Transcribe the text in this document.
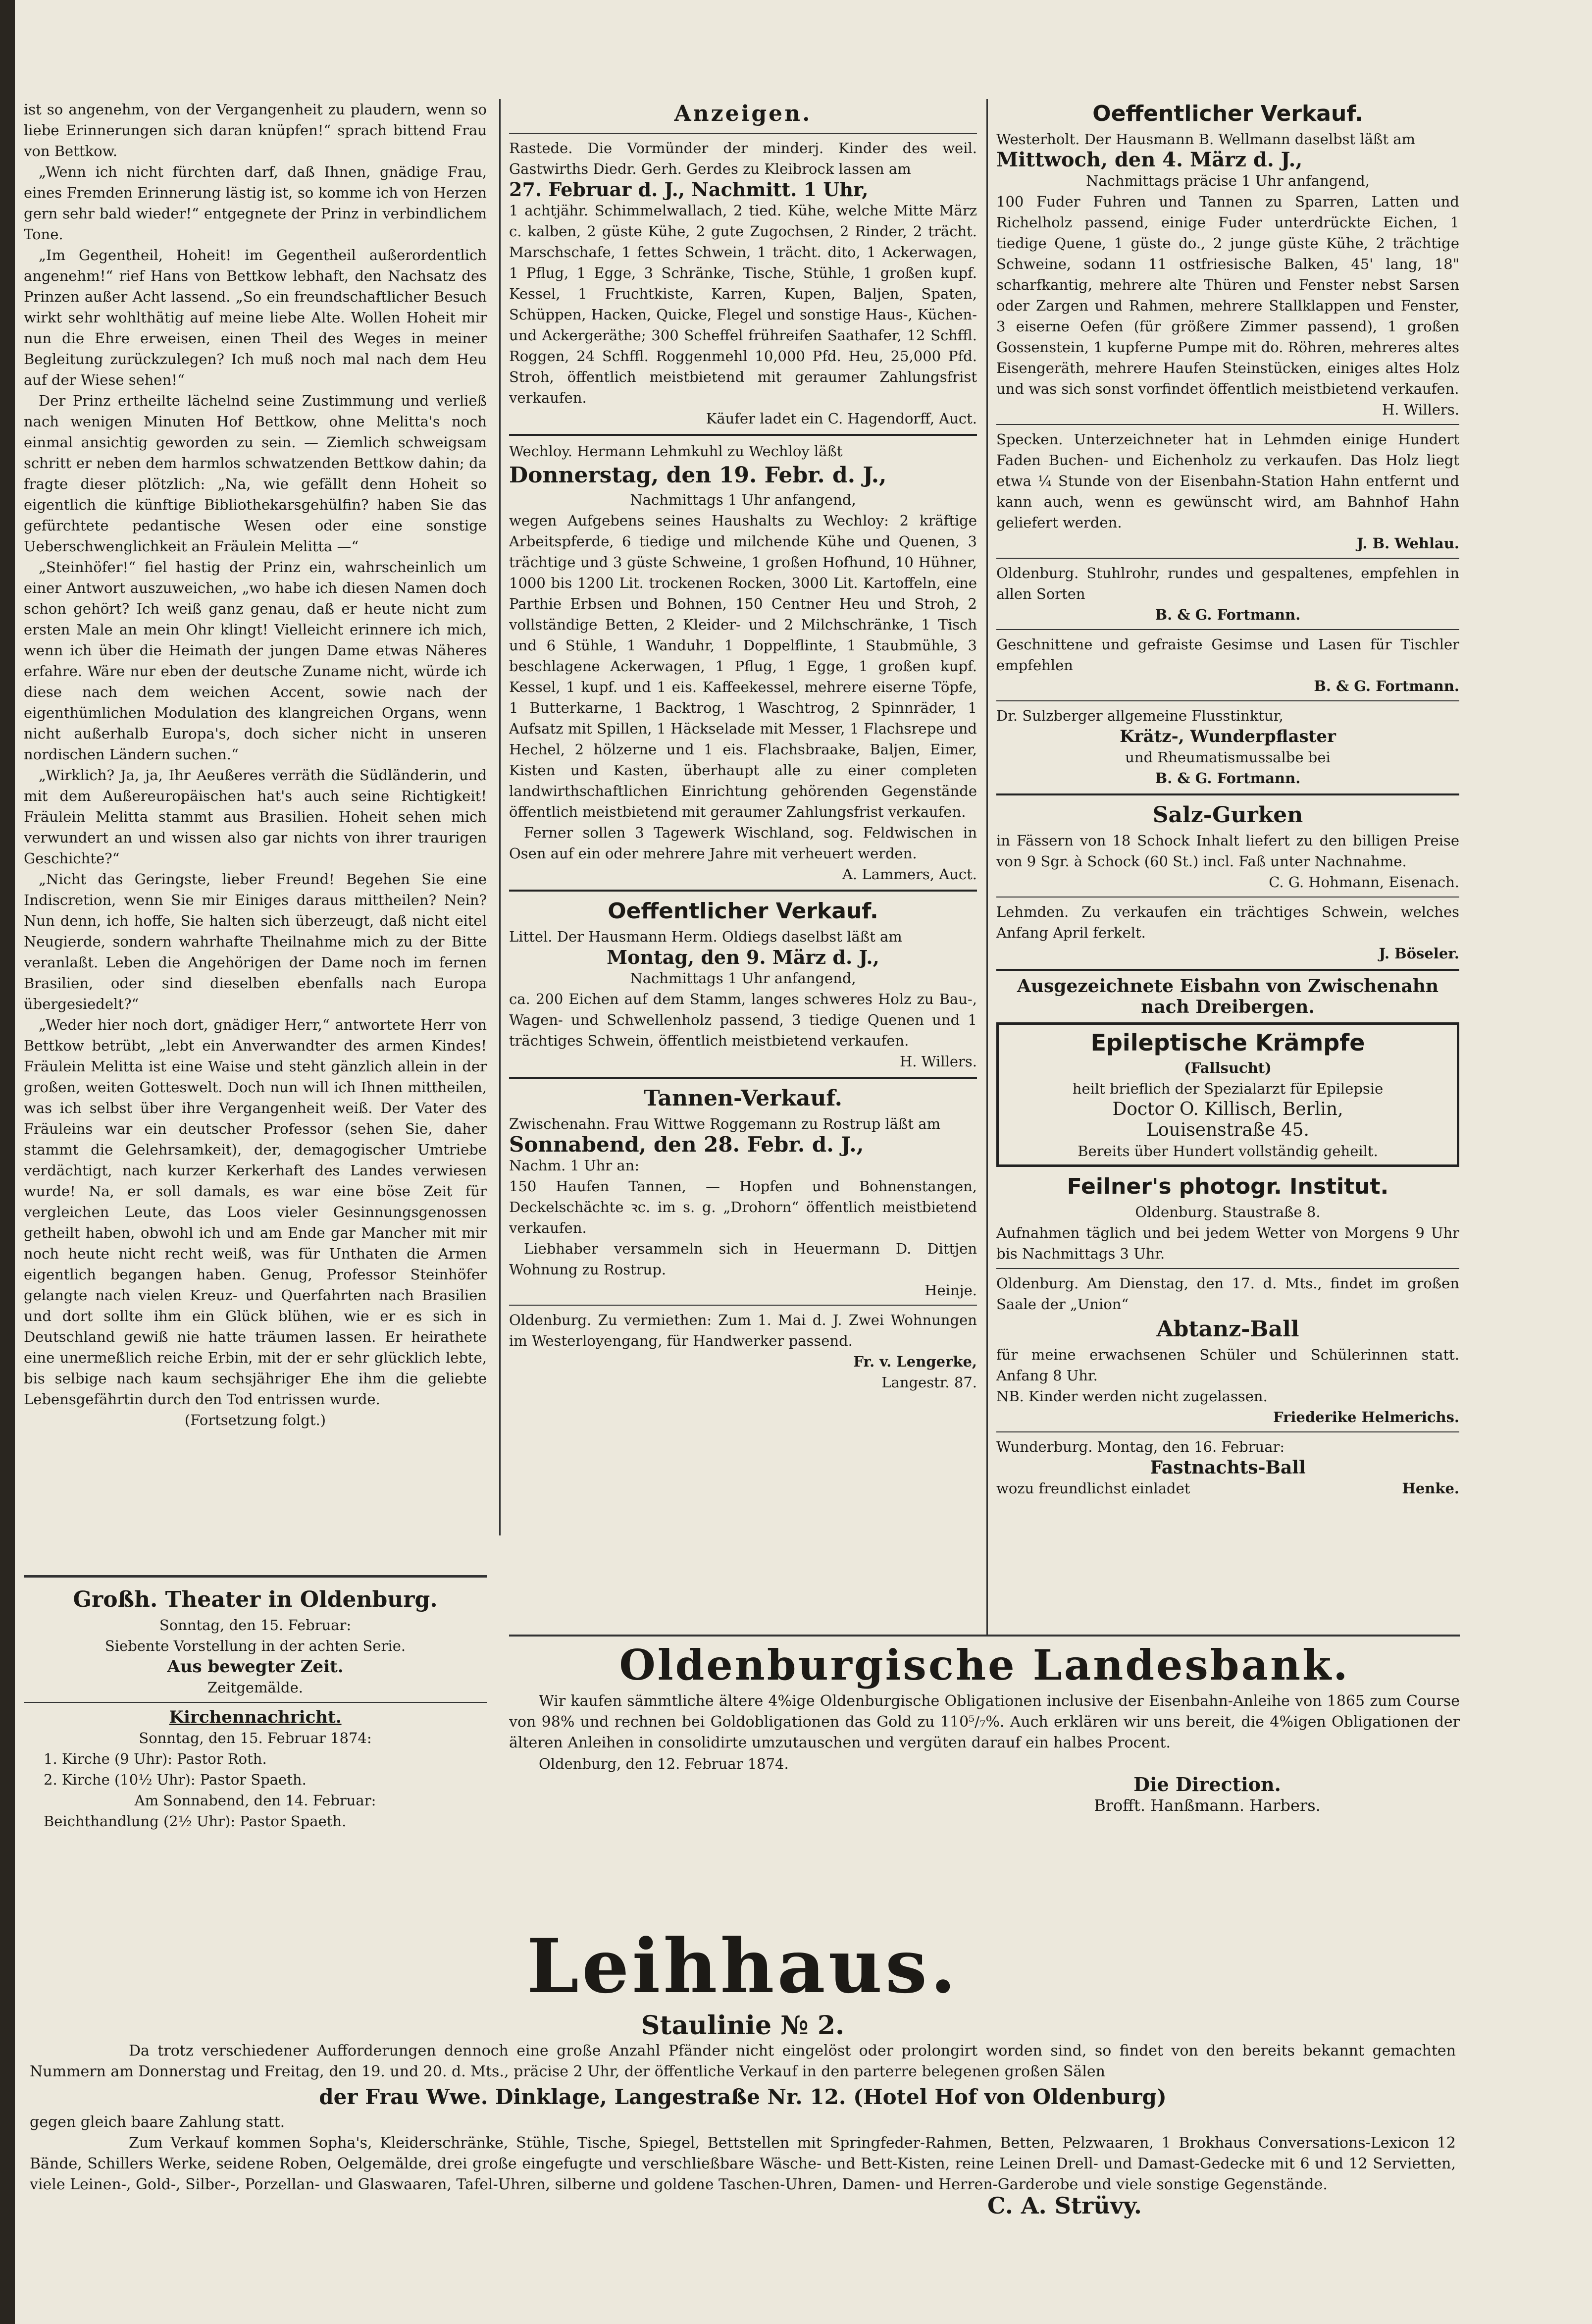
ist so angenehm, von der Vergangenheit zu plaudern, wenn so liebe Erinnerungen sich daran knüpfen!“ sprach bittend Frau von Bettkow.

„Wenn ich nicht fürchten darf, daß Ihnen, gnädige Frau, eines Fremden Erinnerung lästig ist, so komme ich von Herzen gern sehr bald wieder!“ entgegnete der Prinz in verbindlichem Tone.

„Im Gegentheil, Hoheit! im Gegentheil außerordentlich angenehm!“ rief Hans von Bettkow lebhaft, den Nachsatz des Prinzen außer Acht lassend. „So ein freundschaftlicher Besuch wirkt sehr wohlthätig auf meine liebe Alte. Wollen Hoheit mir nun die Ehre erweisen, einen Theil des Weges in meiner Begleitung zurückzulegen? Ich muß noch mal nach dem Heu auf der Wiese sehen!“

Der Prinz ertheilte lächelnd seine Zustimmung und verließ nach wenigen Minuten Hof Bettkow, ohne Melitta's noch einmal ansichtig geworden zu sein. — Ziemlich schweigsam schritt er neben dem harmlos schwatzenden Bettkow dahin; da fragte dieser plötzlich: „Na, wie gefällt denn Hoheit so eigentlich die künftige Bibliothekarsgehülfin? haben Sie das gefürchtete pedantische Wesen oder eine sonstige Ueberschwenglichkeit an Fräulein Melitta —“

„Steinhöfer!“ fiel hastig der Prinz ein, wahrscheinlich um einer Antwort auszuweichen, „wo habe ich diesen Namen doch schon gehört? Ich weiß ganz genau, daß er heute nicht zum ersten Male an mein Ohr klingt! Vielleicht erinnere ich mich, wenn ich über die Heimath der jungen Dame etwas Näheres erfahre. Wäre nur eben der deutsche Zuname nicht, würde ich diese nach dem weichen Accent, sowie nach der eigenthümlichen Modulation des klangreichen Organs, wenn nicht außerhalb Europa's, doch sicher nicht in unseren nordischen Ländern suchen.“

„Wirklich? Ja, ja, Ihr Aeußeres verräth die Südländerin, und mit dem Außereuropäischen hat's auch seine Richtigkeit! Fräulein Melitta stammt aus Brasilien. Hoheit sehen mich verwundert an und wissen also gar nichts von ihrer traurigen Geschichte?“

„Nicht das Geringste, lieber Freund! Begehen Sie eine Indiscretion, wenn Sie mir Einiges daraus mittheilen? Nein? Nun denn, ich hoffe, Sie halten sich überzeugt, daß nicht eitel Neugierde, sondern wahrhafte Theilnahme mich zu der Bitte veranlaßt. Leben die Angehörigen der Dame noch im fernen Brasilien, oder sind dieselben ebenfalls nach Europa übergesiedelt?“

„Weder hier noch dort, gnädiger Herr,“ antwortete Herr von Bettkow betrübt, „lebt ein Anverwandter des armen Kindes! Fräulein Melitta ist eine Waise und steht gänzlich allein in der großen, weiten Gotteswelt. Doch nun will ich Ihnen mittheilen, was ich selbst über ihre Vergangenheit weiß. Der Vater des Fräuleins war ein deutscher Professor (sehen Sie, daher stammt die Gelehrsamkeit), der, demagogischer Umtriebe verdächtigt, nach kurzer Kerkerhaft des Landes verwiesen wurde! Na, er soll damals, es war eine böse Zeit für vergleichen Leute, das Loos vieler Gesinnungsgenossen getheilt haben, obwohl ich und am Ende gar Mancher mit mir noch heute nicht recht weiß, was für Unthaten die Armen eigentlich begangen haben. Genug, Professor Steinhöfer gelangte nach vielen Kreuz- und Querfahrten nach Brasilien und dort sollte ihm ein Glück blühen, wie er es sich in Deutschland gewiß nie hatte träumen lassen. Er heirathete eine unermeßlich reiche Erbin, mit der er sehr glücklich lebte, bis selbige nach kaum sechsjähriger Ehe ihm die geliebte Lebensgefährtin durch den Tod entrissen wurde.

(Fortsetzung folgt.)

Großh. Theater in Oldenburg.

Sonntag, den 15. Februar:

Siebente Vorstellung in der achten Serie.

Aus bewegter Zeit.

Zeitgemälde.

Kirchennachricht.

Sonntag, den 15. Februar 1874:

1. Kirche (9 Uhr): Pastor Roth.

2. Kirche (10½ Uhr): Pastor Spaeth.

Am Sonnabend, den 14. Februar:

Beichthandlung (2½ Uhr): Pastor Spaeth.

Anzeigen.

Rastede. Die Vormünder der minderj. Kinder des weil. Gastwirths Diedr. Gerh. Gerdes zu Kleibrock lassen am

27. Februar d. J., Nachmitt. 1 Uhr,

1 achtjähr. Schimmelwallach, 2 tied. Kühe, welche Mitte März c. kalben, 2 güste Kühe, 2 gute Zugochsen, 2 Rinder, 2 trächt. Marschschafe, 1 fettes Schwein, 1 trächt. dito, 1 Ackerwagen, 1 Pflug, 1 Egge, 3 Schränke, Tische, Stühle, 1 großen kupf. Kessel, 1 Fruchtkiste, Karren, Kupen, Baljen, Spaten, Schüppen, Hacken, Quicke, Flegel und sonstige Haus-, Küchen- und Ackergeräthe; 300 Scheffel frühreifen Saathafer, 12 Schffl. Roggen, 24 Schffl. Roggenmehl 10,000 Pfd. Heu, 25,000 Pfd. Stroh, öffentlich meistbietend mit geraumer Zahlungsfrist verkaufen.

Käufer ladet ein C. Hagendorff, Auct.

Wechloy. Hermann Lehmkuhl zu Wechloy läßt

Donnerstag, den 19. Febr. d. J.,

Nachmittags 1 Uhr anfangend,

wegen Aufgebens seines Haushalts zu Wechloy: 2 kräftige Arbeitspferde, 6 tiedige und milchende Kühe und Quenen, 3 trächtige und 3 güste Schweine, 1 großen Hofhund, 10 Hühner, 1000 bis 1200 Lit. trockenen Rocken, 3000 Lit. Kartoffeln, eine Parthie Erbsen und Bohnen, 150 Centner Heu und Stroh, 2 vollständige Betten, 2 Kleider- und 2 Milchschränke, 1 Tisch und 6 Stühle, 1 Wanduhr, 1 Doppelflinte, 1 Staubmühle, 3 beschlagene Ackerwagen, 1 Pflug, 1 Egge, 1 großen kupf. Kessel, 1 kupf. und 1 eis. Kaffeekessel, mehrere eiserne Töpfe, 1 Butterkarne, 1 Backtrog, 1 Waschtrog, 2 Spinnräder, 1 Aufsatz mit Spillen, 1 Häckselade mit Messer, 1 Flachsrepe und Hechel, 2 hölzerne und 1 eis. Flachsbraake, Baljen, Eimer, Kisten und Kasten, überhaupt alle zu einer completen landwirthschaftlichen Einrichtung gehörenden Gegenstände öffentlich meistbietend mit geraumer Zahlungsfrist verkaufen.

Ferner sollen 3 Tagewerk Wischland, sog. Feldwischen in Osen auf ein oder mehrere Jahre mit verheuert werden.

A. Lammers, Auct.

Oeffentlicher Verkauf.

Littel. Der Hausmann Herm. Oldiegs daselbst läßt am

Montag, den 9. März d. J.,

Nachmittags 1 Uhr anfangend,

ca. 200 Eichen auf dem Stamm, langes schweres Holz zu Bau-, Wagen- und Schwellenholz passend, 3 tiedige Quenen und 1 trächtiges Schwein, öffentlich meistbietend verkaufen.

H. Willers.

Tannen-Verkauf.

Zwischenahn. Frau Wittwe Roggemann zu Rostrup läßt am

Sonnabend, den 28. Febr. d. J.,

Nachm. 1 Uhr an:

150 Haufen Tannen, — Hopfen und Bohnenstangen, Deckelschächte ꝛc. im s. g. „Drohorn“ öffentlich meistbietend verkaufen.

Liebhaber versammeln sich in Heuermann D. Dittjen Wohnung zu Rostrup.

Heinje.

Oldenburg. Zu vermiethen: Zum 1. Mai d. J. Zwei Wohnungen im Westerloyengang, für Handwerker passend.

Fr. v. Lengerke,

Langestr. 87.

Oeffentlicher Verkauf.

Westerholt. Der Hausmann B. Wellmann daselbst läßt am

Mittwoch, den 4. März d. J.,

Nachmittags präcise 1 Uhr anfangend,

100 Fuder Fuhren und Tannen zu Sparren, Latten und Richelholz passend, einige Fuder unterdrückte Eichen, 1 tiedige Quene, 1 güste do., 2 junge güste Kühe, 2 trächtige Schweine, sodann 11 ostfriesische Balken, 45' lang, 18" scharfkantig, mehrere alte Thüren und Fenster nebst Sarsen oder Zargen und Rahmen, mehrere Stallklappen und Fenster, 3 eiserne Oefen (für größere Zimmer passend), 1 großen Gossenstein, 1 kupferne Pumpe mit do. Röhren, mehreres altes Eisengeräth, mehrere Haufen Steinstücken, einiges altes Holz und was sich sonst vorfindet öffentlich meistbietend verkaufen.

H. Willers.

Specken. Unterzeichneter hat in Lehmden einige Hundert Faden Buchen- und Eichenholz zu verkaufen. Das Holz liegt etwa ¼ Stunde von der Eisenbahn-Station Hahn entfernt und kann auch, wenn es gewünscht wird, am Bahnhof Hahn geliefert werden.

J. B. Wehlau.

Oldenburg. Stuhlrohr, rundes und gespaltenes, empfehlen in allen Sorten

B. & G. Fortmann.

Geschnittene und gefraiste Gesimse und Lasen für Tischler empfehlen

B. & G. Fortmann.

Dr. Sulzberger allgemeine Flusstinktur,

Krätz-, Wunderpflaster

und Rheumatismussalbe bei

B. & G. Fortmann.

Salz-Gurken

in Fässern von 18 Schock Inhalt liefert zu den billigen Preise von 9 Sgr. à Schock (60 St.) incl. Faß unter Nachnahme.

C. G. Hohmann, Eisenach.

Lehmden. Zu verkaufen ein trächtiges Schwein, welches Anfang April ferkelt.

J. Böseler.

Ausgezeichnete Eisbahn von Zwischenahn nach Dreibergen.

Epileptische Krämpfe

(Fallsucht)

heilt brieflich der Spezialarzt für Epilepsie

Doctor O. Killisch, Berlin,

Louisenstraße 45.

Bereits über Hundert vollständig geheilt.

Feilner's photogr. Institut.

Oldenburg. Staustraße 8.

Aufnahmen täglich und bei jedem Wetter von Morgens 9 Uhr bis Nachmittags 3 Uhr.

Oldenburg. Am Dienstag, den 17. d. Mts., findet im großen Saale der „Union“

Abtanz-Ball

für meine erwachsenen Schüler und Schülerinnen statt. Anfang 8 Uhr.

NB. Kinder werden nicht zugelassen.

Friederike Helmerichs.

Wunderburg. Montag, den 16. Februar:

Fastnachts-Ball

wozu freundlichst einladet	Henke.
Oldenburgische Landesbank.

Wir kaufen sämmtliche ältere 4%ige Oldenburgische Obligationen inclusive der Eisenbahn-Anleihe von 1865 zum Course von 98% und rechnen bei Goldobligationen das Gold zu 110⁵/₇%. Auch erklären wir uns bereit, die 4%igen Obligationen der älteren Anleihen in consolidirte umzutauschen und vergüten darauf ein halbes Procent.

Oldenburg, den 12. Februar 1874.

Die Direction.

Brofft. Hanßmann. Harbers.

Leihhaus.
Staulinie № 2.

Da trotz verschiedener Aufforderungen dennoch eine große Anzahl Pfänder nicht eingelöst oder prolongirt worden sind, so findet von den bereits bekannt gemachten Nummern am Donnerstag und Freitag, den 19. und 20. d. Mts., präcise 2 Uhr, der öffentliche Verkauf in den parterre belegenen großen Sälen

der Frau Wwe. Dinklage, Langestraße Nr. 12. (Hotel Hof von Oldenburg)

gegen gleich baare Zahlung statt.

Zum Verkauf kommen Sopha's, Kleiderschränke, Stühle, Tische, Spiegel, Bettstellen mit Springfeder-Rahmen, Betten, Pelzwaaren, 1 Brokhaus Conversations-Lexicon 12 Bände, Schillers Werke, seidene Roben, Oelgemälde, drei große eingefugte und verschließbare Wäsche- und Bett-Kisten, reine Leinen Drell- und Damast-Gedecke mit 6 und 12 Servietten, viele Leinen-, Gold-, Silber-, Porzellan- und Glaswaaren, Tafel-Uhren, silberne und goldene Taschen-Uhren, Damen- und Herren-Garderobe und viele sonstige Gegenstände.

C. A. Strüvy.
